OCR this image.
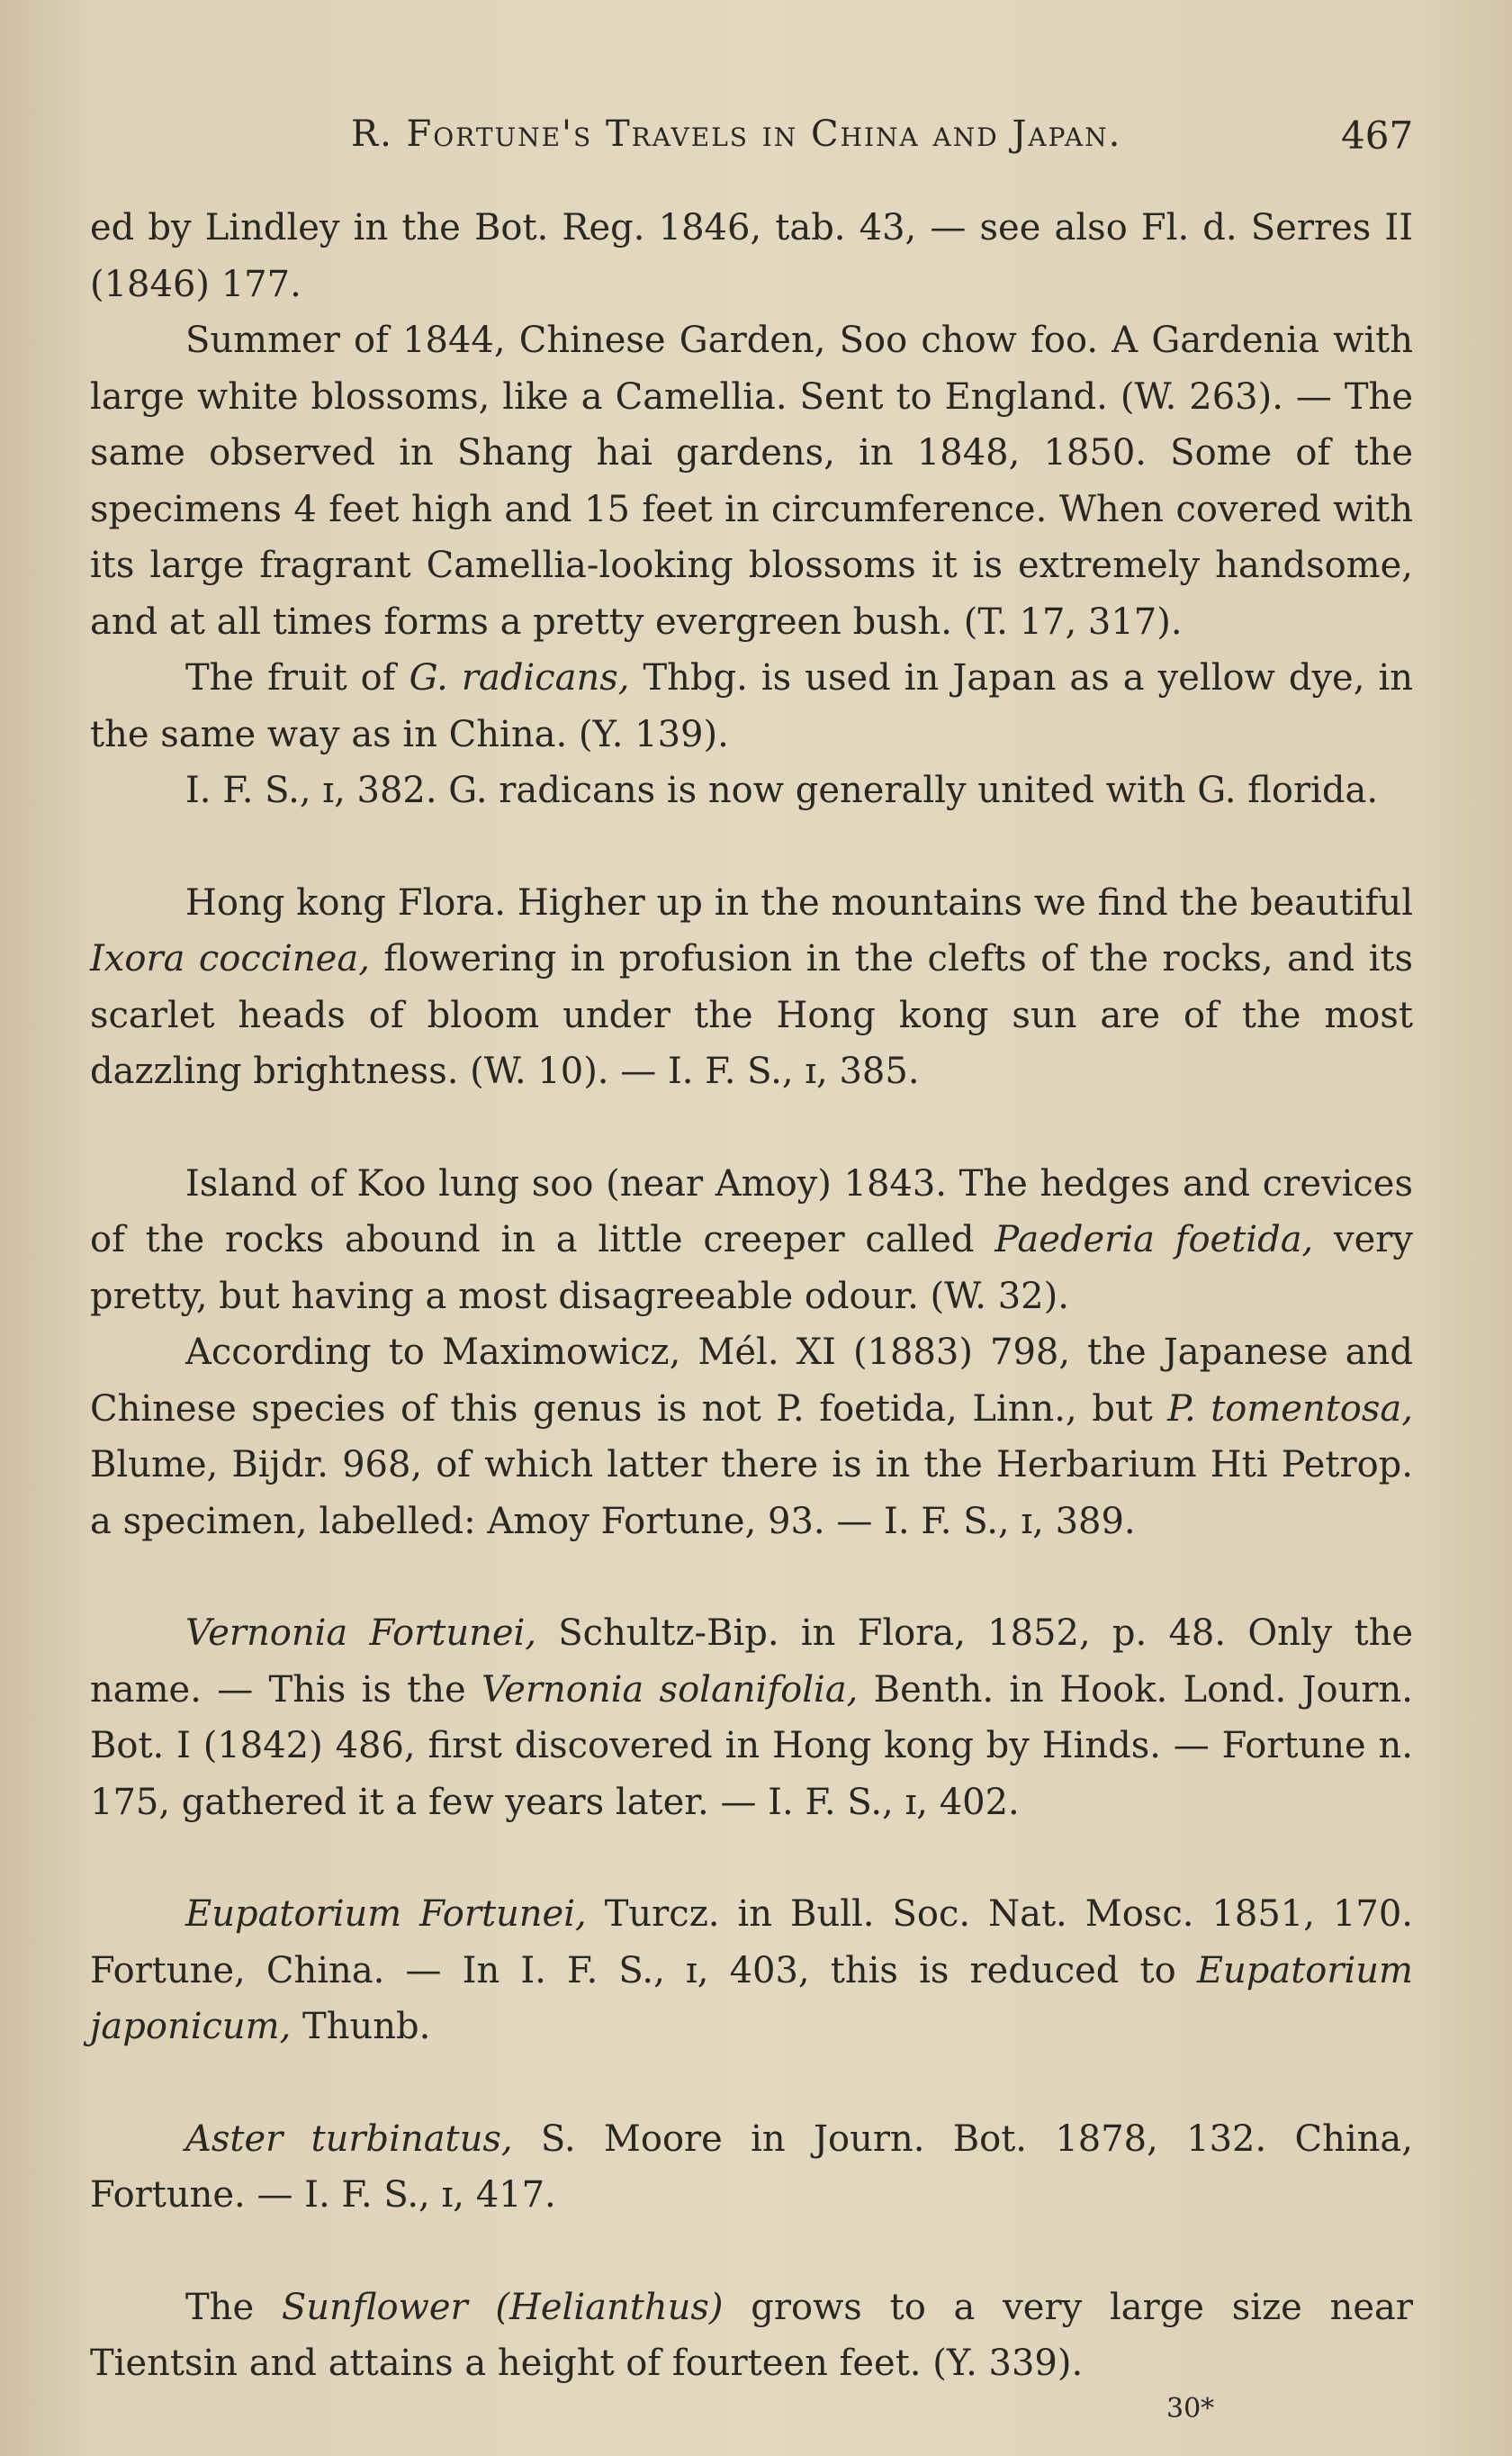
R. Fortune's Travels in China and Japan.	467

ed by Lindley in the Bot. Reg. 1846, tab. 43, — see also Fl. d. Serres II (1846) 177.

Summer of 1844, Chinese Garden, Soo chow foo. A Gardenia with large white blossoms, like a Camellia. Sent to England. (W. 263). — The same observed in Shang hai gardens, in 1848, 1850. Some of the specimens 4 feet high and 15 feet in circumference. When covered with its large fragrant Camellia-looking blossoms it is extremely handsome, and at all times forms a pretty evergreen bush. (T. 17, 317).

The fruit of G. radicans, Thbg. is used in Japan as a yellow dye, in the same way as in China. (Y. 139).

I. F. S., ɪ, 382. G. radicans is now generally united with G. florida.

Hong kong Flora. Higher up in the mountains we find the beautiful Ixora coccinea, flowering in profusion in the clefts of the rocks, and its scarlet heads of bloom under the Hong kong sun are of the most dazzling brightness. (W. 10). — I. F. S., ɪ, 385.

Island of Koo lung soo (near Amoy) 1843. The hedges and crevices of the rocks abound in a little creeper called Paederia foetida, very pretty, but having a most disagreeable odour. (W. 32).

According to Maximowicz, Mél. XI (1883) 798, the Japanese and Chinese species of this genus is not P. foetida, Linn., but P. tomentosa, Blume, Bijdr. 968, of which latter there is in the Herbarium Hti Petrop. a specimen, labelled: Amoy Fortune, 93. — I. F. S., ɪ, 389.

Vernonia Fortunei, Schultz-Bip. in Flora, 1852, p. 48. Only the name. — This is the Vernonia solanifolia, Benth. in Hook. Lond. Journ. Bot. I (1842) 486, first discovered in Hong kong by Hinds. — Fortune n. 175, gathered it a few years later. — I. F. S., ɪ, 402.

Eupatorium Fortunei, Turcz. in Bull. Soc. Nat. Mosc. 1851, 170. Fortune, China. — In I. F. S., ɪ, 403, this is reduced to Eupatorium japonicum, Thunb.

Aster turbinatus, S. Moore in Journ. Bot. 1878, 132. China, Fortune. — I. F. S., ɪ, 417.

The Sunflower (Helianthus) grows to a very large size near Tientsin and attains a height of fourteen feet. (Y. 339).

30*
